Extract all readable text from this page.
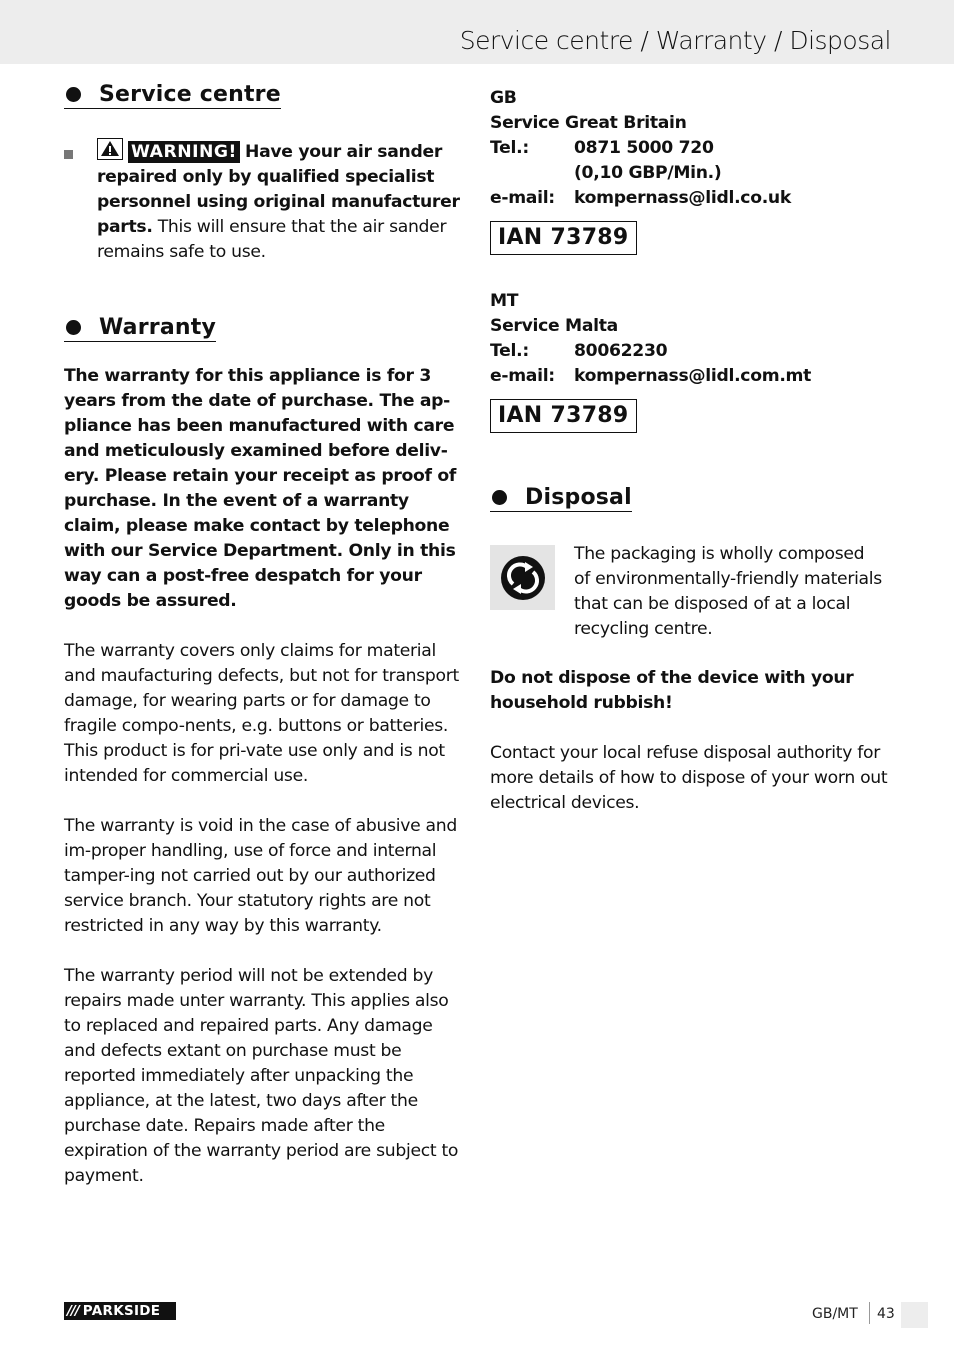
Service centre / Warranty / Disposal
Service centre
WARNING! Have your air sander repaired only by qualified specialist personnel using original manufacturer parts. This will ensure that the air sander remains safe to use.
Warranty

The warranty for this appliance is for 3 years from the date of purchase. The ap-pliance has been manufactured with care and meticulously examined before deliv-ery. Please retain your receipt as proof of purchase. In the event of a warranty claim, please make contact by telephone with our Service Department. Only in this way can a post-free despatch for your goods be assured.

The warranty covers only claims for material and maufacturing defects, but not for transport damage, for wearing parts or for damage to fragile compo-nents, e.g. buttons or batteries. This product is for pri-vate use only and is not intended for commercial use.

The warranty is void in the case of abusive and im-proper handling, use of force and internal tamper-ing not carried out by our authorized service branch. Your statutory rights are not restricted in any way by this warranty.

The warranty period will not be extended by repairs made unter warranty. This applies also to replaced and repaired parts. Any damage and defects extant on purchase must be reported immediately after unpacking the appliance, at the latest, two days after the purchase date. Repairs made after the expiration of the warranty period are subject to payment.

GB
Service Great Britain
Tel.:	0871 5000 720
(0,10 GBP/Min.)
e-mail:	kompernass@lidl.co.uk
IAN 73789
MT
Service Malta
Tel.:	80062230
e-mail:	kompernass@lidl.com.mt
IAN 73789
Disposal

The packaging is wholly composed of environmentally-friendly materials that can be disposed of at a local recycling centre.

Do not dispose of the device with your household rubbish!

Contact your local refuse disposal authority for more details of how to dispose of your worn out electrical devices.

/// PARKSIDE	GB/MT 43
